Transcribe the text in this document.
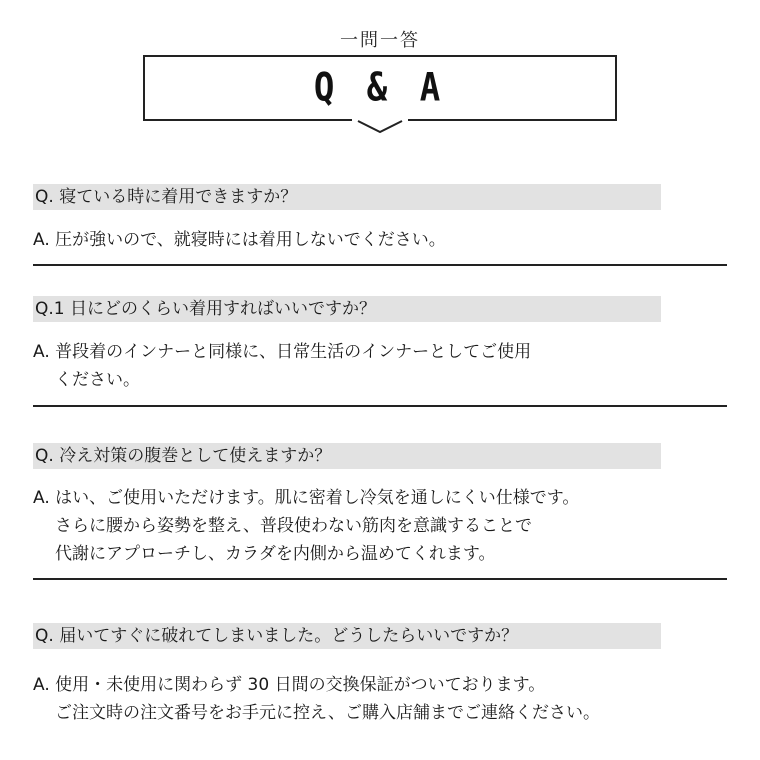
一問一答
Q & A
Q. 寝ている時に着用できますか？
A. 圧が強いので、就寝時には着用しないでください。
Q.1 日にどのくらい着用すればいいですか？
A. 普段着のインナーと同様に、日常生活のインナーとしてご使用
ください。
Q. 冷え対策の腹巻として使えますか？
A. はい、ご使用いただけます。肌に密着し冷気を通しにくい仕様です。
さらに腰から姿勢を整え、普段使わない筋肉を意識することで
代謝にアプローチし、カラダを内側から温めてくれます。
Q. 届いてすぐに破れてしまいました。どうしたらいいですか？
A. 使用・未使用に関わらず 30 日間の交換保証がついております。
ご注文時の注文番号をお手元に控え、ご購入店舗までご連絡ください。
